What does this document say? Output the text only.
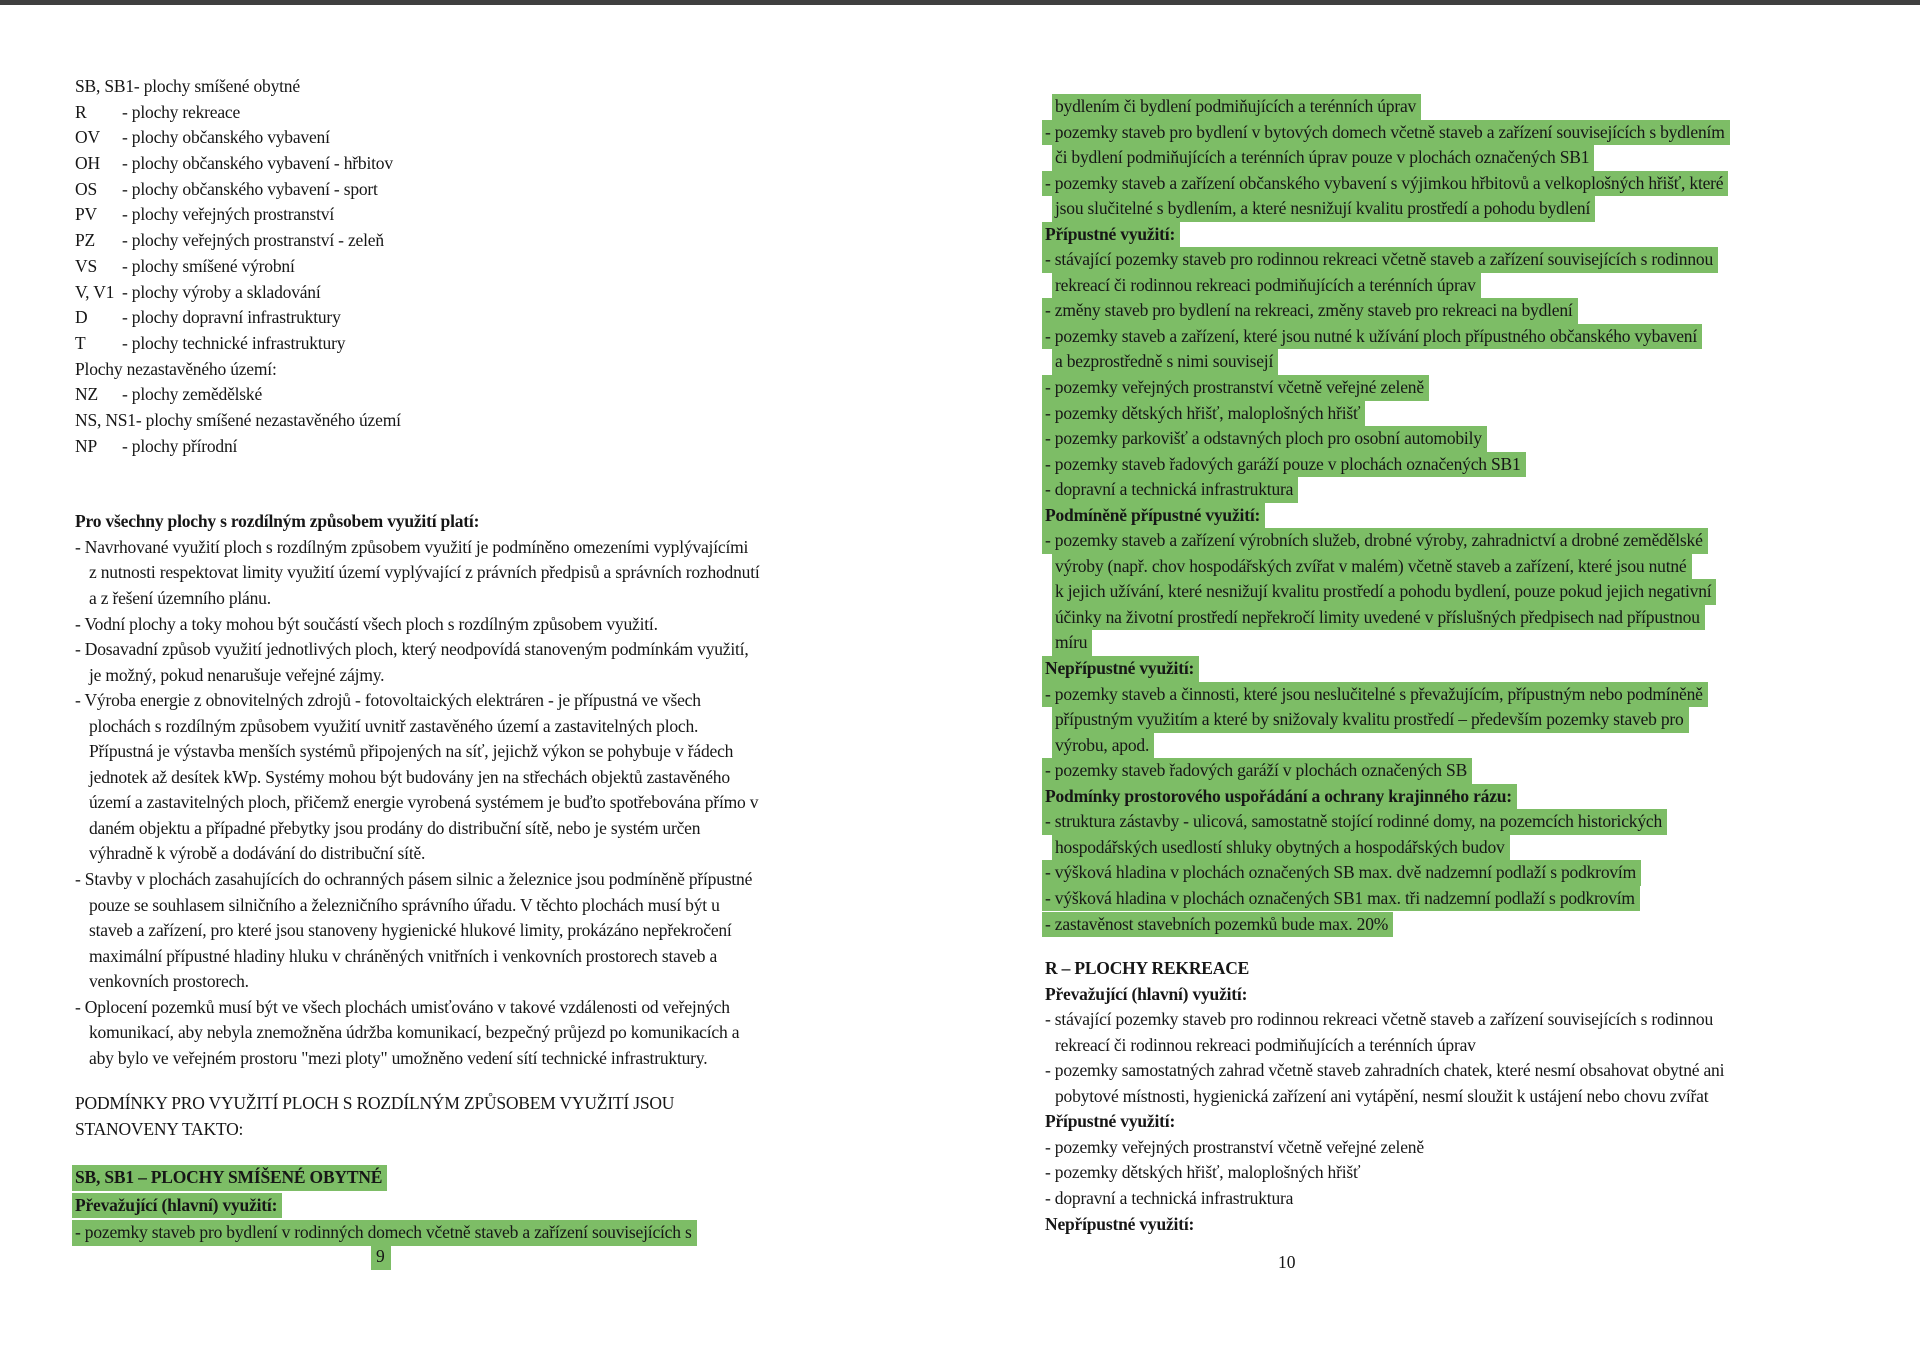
SB, SB1- plochy smíšené obytné
R - plochy rekreace
OV - plochy občanského vybavení
OH - plochy občanského vybavení - hřbitov
OS - plochy občanského vybavení - sport
PV - plochy veřejných prostranství
PZ - plochy veřejných prostranství - zeleň
VS - plochy smíšené výrobní
V, V1 - plochy výroby a skladování
D - plochy dopravní infrastruktury
T - plochy technické infrastruktury
Plochy nezastavěného území:
NZ - plochy zemědělské
NS, NS1- plochy smíšené nezastavěného území
NP - plochy přírodní
Pro všechny plochy s rozdílným způsobem využití platí:
- Navrhované využití ploch s rozdílným způsobem využití je podmíněno omezeními vyplývajícími
z nutnosti respektovat limity využití území vyplývající z právních předpisů a správních rozhodnutí
a z řešení územního plánu.
- Vodní plochy a toky mohou být součástí všech ploch s rozdílným způsobem využití.
- Dosavadní způsob využití jednotlivých ploch, který neodpovídá stanoveným podmínkám využití,
je možný, pokud nenarušuje veřejné zájmy.
- Výroba energie z obnovitelných zdrojů - fotovoltaických elektráren - je přípustná ve všech
plochách s rozdílným způsobem využití uvnitř zastavěného území a zastavitelných ploch.
Přípustná je výstavba menších systémů připojených na síť, jejichž výkon se pohybuje v řádech
jednotek až desítek kWp. Systémy mohou být budovány jen na střechách objektů zastavěného
území a zastavitelných ploch, přičemž energie vyrobená systémem je buďto spotřebována přímo v
daném objektu a případné přebytky jsou prodány do distribuční sítě, nebo je systém určen
výhradně k výrobě a dodávání do distribuční sítě.
- Stavby v plochách zasahujících do ochranných pásem silnic a železnice jsou podmíněně přípustné
pouze se souhlasem silničního a železničního správního úřadu. V těchto plochách musí být u
staveb a zařízení, pro které jsou stanoveny hygienické hlukové limity, prokázáno nepřekročení
maximální přípustné hladiny hluku v chráněných vnitřních i venkovních prostorech staveb a
venkovních prostorech.
- Oplocení pozemků musí být ve všech plochách umisťováno v takové vzdálenosti od veřejných
komunikací, aby nebyla znemožněna údržba komunikací, bezpečný průjezd po komunikacích a
aby bylo ve veřejném prostoru "mezi ploty" umožněno vedení sítí technické infrastruktury.
PODMÍNKY PRO VYUŽITÍ PLOCH S ROZDÍLNÝM ZPŮSOBEM VYUŽITÍ JSOU
STANOVENY TAKTO:
SB, SB1 – PLOCHY SMÍŠENÉ OBYTNÉ
Převažující (hlavní) využití:
- pozemky staveb pro bydlení v rodinných domech včetně staveb a zařízení souvisejících s
bydlením či bydlení podmiňujících a terénních úprav
- pozemky staveb pro bydlení v bytových domech včetně staveb a zařízení souvisejících s bydlením
či bydlení podmiňujících a terénních úprav pouze v plochách označených SB1
- pozemky staveb a zařízení občanského vybavení s výjimkou hřbitovů a velkoplošných hřišť, které
jsou slučitelné s bydlením, a které nesnižují kvalitu prostředí a pohodu bydlení
Přípustné využití:
- stávající pozemky staveb pro rodinnou rekreaci včetně staveb a zařízení souvisejících s rodinnou
rekreací či rodinnou rekreaci podmiňujících a terénních úprav
- změny staveb pro bydlení na rekreaci, změny staveb pro rekreaci na bydlení
- pozemky staveb a zařízení, které jsou nutné k užívání ploch přípustného občanského vybavení
a bezprostředně s nimi souvisejí
- pozemky veřejných prostranství včetně veřejné zeleně
- pozemky dětských hřišť, maloplošných hřišť
- pozemky parkovišť a odstavných ploch pro osobní automobily
- pozemky staveb řadových garáží pouze v plochách označených SB1
- dopravní a technická infrastruktura
Podmíněně přípustné využití:
- pozemky staveb a zařízení výrobních služeb, drobné výroby, zahradnictví a drobné zemědělské
výroby (např. chov hospodářských zvířat v malém) včetně staveb a zařízení, které jsou nutné
k jejich užívání, které nesnižují kvalitu prostředí a pohodu bydlení, pouze pokud jejich negativní
účinky na životní prostředí nepřekročí limity uvedené v příslušných předpisech nad přípustnou
míru
Nepřípustné využití:
- pozemky staveb a činnosti, které jsou neslučitelné s převažujícím, přípustným nebo podmíněně
přípustným využitím a které by snižovaly kvalitu prostředí – především pozemky staveb pro
výrobu, apod.
- pozemky staveb řadových garáží v plochách označených SB
Podmínky prostorového uspořádání a ochrany krajinného rázu:
- struktura zástavby - ulicová, samostatně stojící rodinné domy, na pozemcích historických
hospodářských usedlostí shluky obytných a hospodářských budov
- výšková hladina v plochách označených SB max. dvě nadzemní podlaží s podkrovím
- výšková hladina v plochách označených SB1 max. tři nadzemní podlaží s podkrovím
- zastavěnost stavebních pozemků bude max. 20%
R – PLOCHY REKREACE
Převažující (hlavní) využití:
- stávající pozemky staveb pro rodinnou rekreaci včetně staveb a zařízení souvisejících s rodinnou
rekreací či rodinnou rekreaci podmiňujících a terénních úprav
- pozemky samostatných zahrad včetně staveb zahradních chatek, které nesmí obsahovat obytné ani
pobytové místnosti, hygienická zařízení ani vytápění, nesmí sloužit k ustájení nebo chovu zvířat
Přípustné využití:
- pozemky veřejných prostranství včetně veřejné zeleně
- pozemky dětských hřišť, maloplošných hřišť
- dopravní a technická infrastruktura
Nepřípustné využití:
9	10
